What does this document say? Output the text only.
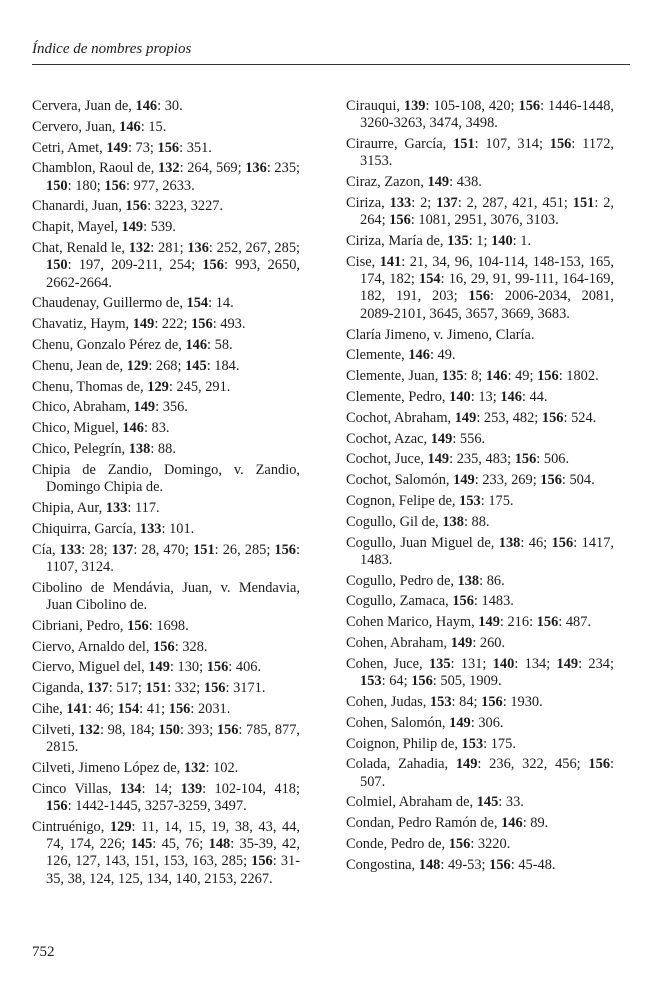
Índice de nombres propios
Cervera, Juan de, 146: 30.
Cervero, Juan, 146: 15.
Cetri, Amet, 149: 73; 156: 351.
Chamblon, Raoul de, 132: 264, 569; 136: 235; 150: 180; 156: 977, 2633.
Chanardi, Juan, 156: 3223, 3227.
Chapit, Mayel, 149: 539.
Chat, Renald le, 132: 281; 136: 252, 267, 285; 150: 197, 209-211, 254; 156: 993, 2650, 2662-2664.
Chaudenay, Guillermo de, 154: 14.
Chavatiz, Haym, 149: 222; 156: 493.
Chenu, Gonzalo Pérez de, 146: 58.
Chenu, Jean de, 129: 268; 145: 184.
Chenu, Thomas de, 129: 245, 291.
Chico, Abraham, 149: 356.
Chico, Miguel, 146: 83.
Chico, Pelegrín, 138: 88.
Chipia de Zandio, Domingo, v. Zandio, Domingo Chipia de.
Chipia, Aur, 133: 117.
Chiquirra, García, 133: 101.
Cía, 133: 28; 137: 28, 470; 151: 26, 285; 156: 1107, 3124.
Cibolino de Mendávia, Juan, v. Mendavia, Juan Cibolino de.
Cibriani, Pedro, 156: 1698.
Ciervo, Arnaldo del, 156: 328.
Ciervo, Miguel del, 149: 130; 156: 406.
Ciganda, 137: 517; 151: 332; 156: 3171.
Cihe, 141: 46; 154: 41; 156: 2031.
Cilveti, 132: 98, 184; 150: 393; 156: 785, 877, 2815.
Cilveti, Jimeno López de, 132: 102.
Cinco Villas, 134: 14; 139: 102-104, 418; 156: 1442-1445, 3257-3259, 3497.
Cintruénigo, 129: 11, 14, 15, 19, 38, 43, 44, 74, 174, 226; 145: 45, 76; 148: 35-39, 42, 126, 127, 143, 151, 153, 163, 285; 156: 31-35, 38, 124, 125, 134, 140, 2153, 2267.
Cirauqui, 139: 105-108, 420; 156: 1446-1448, 3260-3263, 3474, 3498.
Ciraurre, García, 151: 107, 314; 156: 1172, 3153.
Ciraz, Zazon, 149: 438.
Ciriza, 133: 2; 137: 2, 287, 421, 451; 151: 2, 264; 156: 1081, 2951, 3076, 3103.
Ciriza, María de, 135: 1; 140: 1.
Cise, 141: 21, 34, 96, 104-114, 148-153, 165, 174, 182; 154: 16, 29, 91, 99-111, 164-169, 182, 191, 203; 156: 2006-2034, 2081, 2089-2101, 3645, 3657, 3669, 3683.
Claría Jimeno, v. Jimeno, Claría.
Clemente, 146: 49.
Clemente, Juan, 135: 8; 146: 49; 156: 1802.
Clemente, Pedro, 140: 13; 146: 44.
Cochot, Abraham, 149: 253, 482; 156: 524.
Cochot, Azac, 149: 556.
Cochot, Juce, 149: 235, 483; 156: 506.
Cochot, Salomón, 149: 233, 269; 156: 504.
Cognon, Felipe de, 153: 175.
Cogullo, Gil de, 138: 88.
Cogullo, Juan Miguel de, 138: 46; 156: 1417, 1483.
Cogullo, Pedro de, 138: 86.
Cogullo, Zamaca, 156: 1483.
Cohen Marico, Haym, 149: 216: 156: 487.
Cohen, Abraham, 149: 260.
Cohen, Juce, 135: 131; 140: 134; 149: 234; 153: 64; 156: 505, 1909.
Cohen, Judas, 153: 84; 156: 1930.
Cohen, Salomón, 149: 306.
Coignon, Philip de, 153: 175.
Colada, Zahadia, 149: 236, 322, 456; 156: 507.
Colmiel, Abraham de, 145: 33.
Condan, Pedro Ramón de, 146: 89.
Conde, Pedro de, 156: 3220.
Congostina, 148: 49-53; 156: 45-48.
752
